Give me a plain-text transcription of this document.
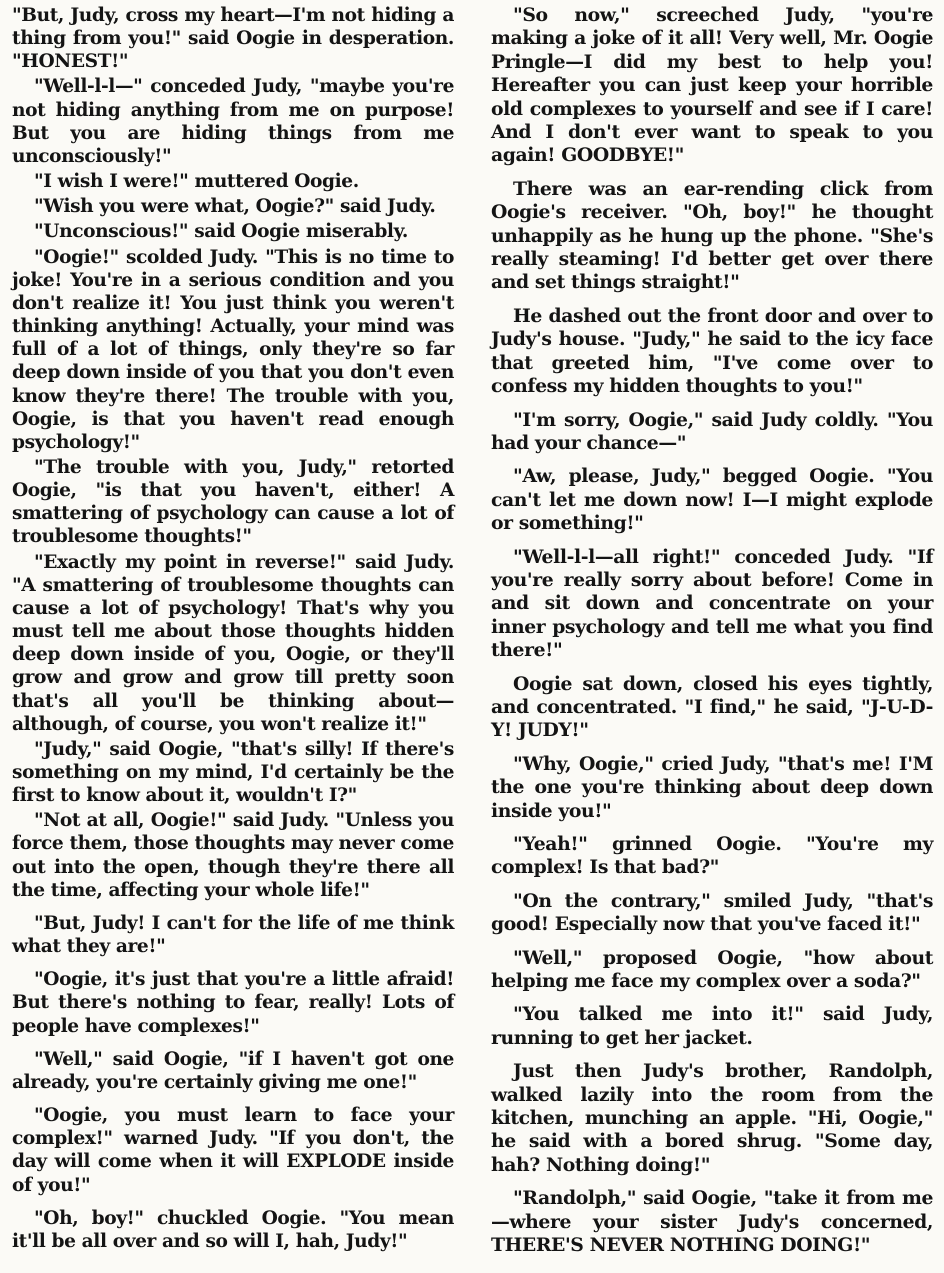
"But, Judy, cross my heart—I'm not hiding a thing from you!" said Oogie in desperation. "HONEST!"

"Well-l-l—" conceded Judy, "maybe you're not hiding anything from me on purpose! But you are hiding things from me unconsciously!"

"I wish I were!" muttered Oogie.

"Wish you were what, Oogie?" said Judy.

"Unconscious!" said Oogie miserably.

"Oogie!" scolded Judy. "This is no time to joke! You're in a serious condition and you don't realize it! You just think you weren't thinking anything! Actually, your mind was full of a lot of things, only they're so far deep down inside of you that you don't even know they're there! The trouble with you, Oogie, is that you haven't read enough psychology!"

"The trouble with you, Judy," retorted Oogie, "is that you haven't, either! A smattering of psychology can cause a lot of troublesome thoughts!"

"Exactly my point in reverse!" said Judy. "A smattering of troublesome thoughts can cause a lot of psychology! That's why you must tell me about those thoughts hidden deep down inside of you, Oogie, or they'll grow and grow and grow till pretty soon that's all you'll be thinking about—although, of course, you won't realize it!"

"Judy," said Oogie, "that's silly! If there's something on my mind, I'd certainly be the first to know about it, wouldn't I?"

"Not at all, Oogie!" said Judy. "Unless you force them, those thoughts may never come out into the open, though they're there all the time, affecting your whole life!"

"But, Judy! I can't for the life of me think what they are!"

"Oogie, it's just that you're a little afraid! But there's nothing to fear, really! Lots of people have complexes!"

"Well," said Oogie, "if I haven't got one already, you're certainly giving me one!"

"Oogie, you must learn to face your complex!" warned Judy. "If you don't, the day will come when it will EXPLODE inside of you!"

"Oh, boy!" chuckled Oogie. "You mean it'll be all over and so will I, hah, Judy!"

"So now," screeched Judy, "you're making a joke of it all! Very well, Mr. Oogie Pringle—I did my best to help you! Hereafter you can just keep your horrible old complexes to yourself and see if I care! And I don't ever want to speak to you again! GOODBYE!"

There was an ear-rending click from Oogie's receiver. "Oh, boy!" he thought unhappily as he hung up the phone. "She's really steaming! I'd better get over there and set things straight!"

He dashed out the front door and over to Judy's house. "Judy," he said to the icy face that greeted him, "I've come over to confess my hidden thoughts to you!"

"I'm sorry, Oogie," said Judy coldly. "You had your chance—"

"Aw, please, Judy," begged Oogie. "You can't let me down now! I—I might explode or something!"

"Well-l-l—all right!" conceded Judy. "If you're really sorry about before! Come in and sit down and concentrate on your inner psychology and tell me what you find there!"

Oogie sat down, closed his eyes tightly, and concentrated. "I find," he said, "J-U-D-Y! JUDY!"

"Why, Oogie," cried Judy, "that's me! I'M the one you're thinking about deep down inside you!"

"Yeah!" grinned Oogie. "You're my complex! Is that bad?"

"On the contrary," smiled Judy, "that's good! Especially now that you've faced it!"

"Well," proposed Oogie, "how about helping me face my complex over a soda?"

"You talked me into it!" said Judy, running to get her jacket.

Just then Judy's brother, Randolph, walked lazily into the room from the kitchen, munching an apple. "Hi, Oogie," he said with a bored shrug. "Some day, hah? Nothing doing!"

"Randolph," said Oogie, "take it from me —where your sister Judy's concerned, THERE'S NEVER NOTHING DOING!"
